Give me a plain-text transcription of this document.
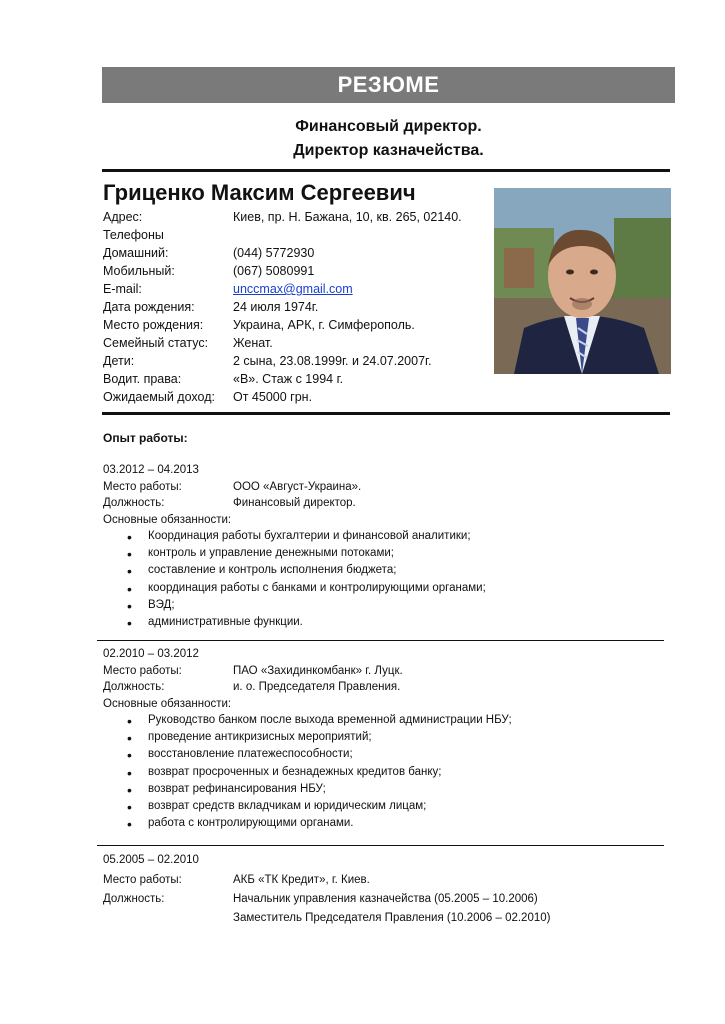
РЕЗЮМЕ
Финансовый директор.
Директор казначейства.
Гриценко Максим Сергеевич
Адрес:	Киев, пр. Н. Бажана, 10, кв. 265, 02140.
Телефоны
Домашний:	(044) 5772930
Мобильный:	(067) 5080991
E-mail:	unccmax@gmail.com
Дата рождения:	24 июля 1974г.
Место рождения: Украина, АРК, г. Симферополь.
Семейный статус: Женат.
Дети:	2 сына, 23.08.1999г. и 24.07.2007г.
Водит. права:	«В». Стаж с 1994 г.
Ожидаемый доход: От 45000 грн.
Опыт работы:
03.2012 – 04.2013
Место работы:	ООО «Август-Украина».
Должность:	Финансовый директор.
Основные обязанности:
• Координация работы бухгалтерии и финансовой аналитики;
• контроль и управление денежными потоками;
• составление и контроль исполнения бюджета;
• координация работы с банками и контролирующими органами;
• ВЭД;
• административные функции.
02.2010 – 03.2012
Место работы:	ПАО «Захидинкомбанк» г. Луцк.
Должность:	и. о. Председателя Правления.
Основные обязанности:
• Руководство банком после выхода временной администрации НБУ;
• проведение антикризисных мероприятий;
• восстановление платежеспособности;
• возврат просроченных и безнадежных кредитов банку;
• возврат рефинансирования НБУ;
• возврат средств вкладчикам и юридическим лицам;
• работа с контролирующими органами.
05.2005 – 02.2010
Место работы:	АКБ «ТК Кредит», г. Киев.
Должность:	Начальник управления казначейства (05.2005 – 10.2006)
Заместитель Председателя Правления (10.2006 – 02.2010)
